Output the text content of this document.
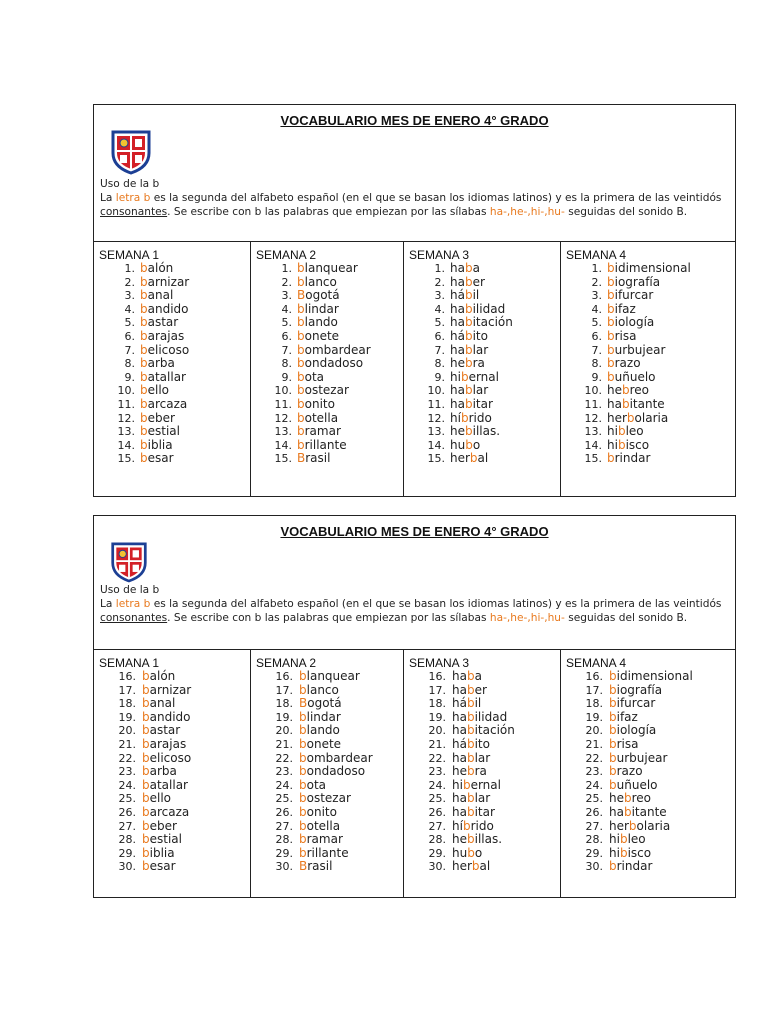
VOCABULARIO MES DE ENERO 4° GRADO
Uso de la b
La letra b es la segunda del alfabeto español (en el que se basan los idiomas latinos) y es la primera de las veintidós consonantes. Se escribe con b las palabras que empiezan por las sílabas ha-,he-,hi-,hu- seguidas del sonido B.
SEMANA 1
1. balón
2. barnizar
3. banal
4. bandido
5. bastar
6. barajas
7. belicoso
8. barba
9. batallar
10. bello
11. barcaza
12. beber
13. bestial
14. biblia
15. besar
SEMANA 2
1. blanquear
2. blanco
3. Bogotá
4. blindar
5. blando
6. bonete
7. bombardear
8. bondadoso
9. bota
10. bostezar
11. bonito
12. botella
13. bramar
14. brillante
15. Brasil
SEMANA 3
1. haba
2. haber
3. hábil
4. habilidad
5. habitación
6. hábito
7. hablar
8. hebra
9. hibernal
10. hablar
11. habitar
12. híbrido
13. hebillas.
14. hubo
15. herbal
SEMANA 4
1. bidimensional
2. biografía
3. bifurcar
4. bifaz
5. biología
6. brisa
7. burbujear
8. brazo
9. buñuelo
10. hebreo
11. habitante
12. herbolaria
13. hibleo
14. hibisco
15. brindar
VOCABULARIO MES DE ENERO 4° GRADO
Uso de la b
La letra b es la segunda del alfabeto español (en el que se basan los idiomas latinos) y es la primera de las veintidós consonantes. Se escribe con b las palabras que empiezan por las sílabas ha-,he-,hi-,hu- seguidas del sonido B.
SEMANA 1
16. balón
17. barnizar
18. banal
19. bandido
20. bastar
21. barajas
22. belicoso
23. barba
24. batallar
25. bello
26. barcaza
27. beber
28. bestial
29. biblia
30. besar
SEMANA 2
16. blanquear
17. blanco
18. Bogotá
19. blindar
20. blando
21. bonete
22. bombardear
23. bondadoso
24. bota
25. bostezar
26. bonito
27. botella
28. bramar
29. brillante
30. Brasil
SEMANA 3
16. haba
17. haber
18. hábil
19. habilidad
20. habitación
21. hábito
22. hablar
23. hebra
24. hibernal
25. hablar
26. habitar
27. híbrido
28. hebillas.
29. hubo
30. herbal
SEMANA 4
16. bidimensional
17. biografía
18. bifurcar
19. bifaz
20. biología
21. brisa
22. burbujear
23. brazo
24. buñuelo
25. hebreo
26. habitante
27. herbolaria
28. hibleo
29. hibisco
30. brindar
